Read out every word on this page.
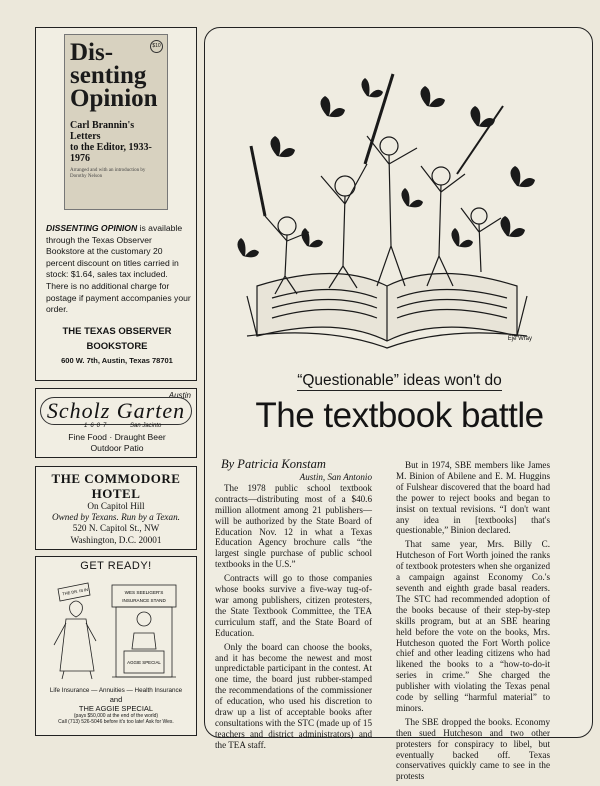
$10
Dis-
senting
Opinion
Carl Brannin's Letters
to the Editor, 1933-1976
Arranged and with an introduction by Dorothy Nelson
DISSENTING OPINION is available through the Texas Observer Bookstore at the customary 20 percent discount on titles carried in stock: $1.64, sales tax included. There is no additional charge for postage if payment accompanies your order.
THE TEXAS OBSERVER
BOOKSTORE
600 W. 7th, Austin, Texas 78701
Austin
Scholz Garten
1607	San Jacinto
Fine Food · Draught Beer
Outdoor Patio
THE COMMODORE
HOTEL
On Capitol Hill
Owned by Texans. Run by a Texan.
520 N. Capitol St., NW
Washington, D.C. 20001
GET READY!
THE DR. IS IN	WES SEELIGER'S
INSURANCE STAND
AGGIE SPECIAL
Life Insurance — Annuities — Health Insurance
and
THE AGGIE SPECIAL
(pays $50,000 at the end of the world)
Call (713) 526-5046 before it's too late! Ask for Wes.
Eje Wray
“Questionable” ideas won't do
The textbook battle

By Patricia Konstam

Austin, San Antonio

The 1978 public school textbook contracts—distributing most of a $40.6 million allotment among 21 publishers—will be authorized by the State Board of Education Nov. 12 in what a Texas Education Agency brochure calls “the largest single purchase of public school textbooks in the U.S.”

Contracts will go to those companies whose books survive a five-way tug-of-war among publishers, citizen protesters, the State Textbook Committee, the TEA curriculum staff, and the State Board of Education.

Only the board can choose the books, and it has become the newest and most unpredictable participant in the contest. At one time, the board just rubber-stamped the recommendations of the commissioner of education, who used his discretion to draw up a list of acceptable books after consultations with the STC (made up of 15 teachers and district administrators) and the TEA staff.

But in 1974, SBE members like James M. Binion of Abilene and E. M. Huggins of Fulshear discovered that the board had the power to reject books and began to insist on textual revisions. “I don't want any idea in [textbooks] that's questionable,” Binion declared.

That same year, Mrs. Billy C. Hutcheson of Fort Worth joined the ranks of textbook protesters when she organized a campaign against Economy Co.'s seventh and eighth grade basal readers. The STC had recommended adoption of the books because of their step-by-step skills program, but at an SBE hearing held before the vote on the books, Mrs. Hutcheson quoted the Fort Worth police chief and other leading citizens who had likened the books to a “how-to-do-it series in crime.” She charged the publisher with violating the Texas penal code by selling “harmful material” to minors.

The SBE dropped the books. Economy then sued Hutcheson and two other protesters for conspiracy to libel, but eventually backed off. Texas conservatives quickly came to see in the protests
